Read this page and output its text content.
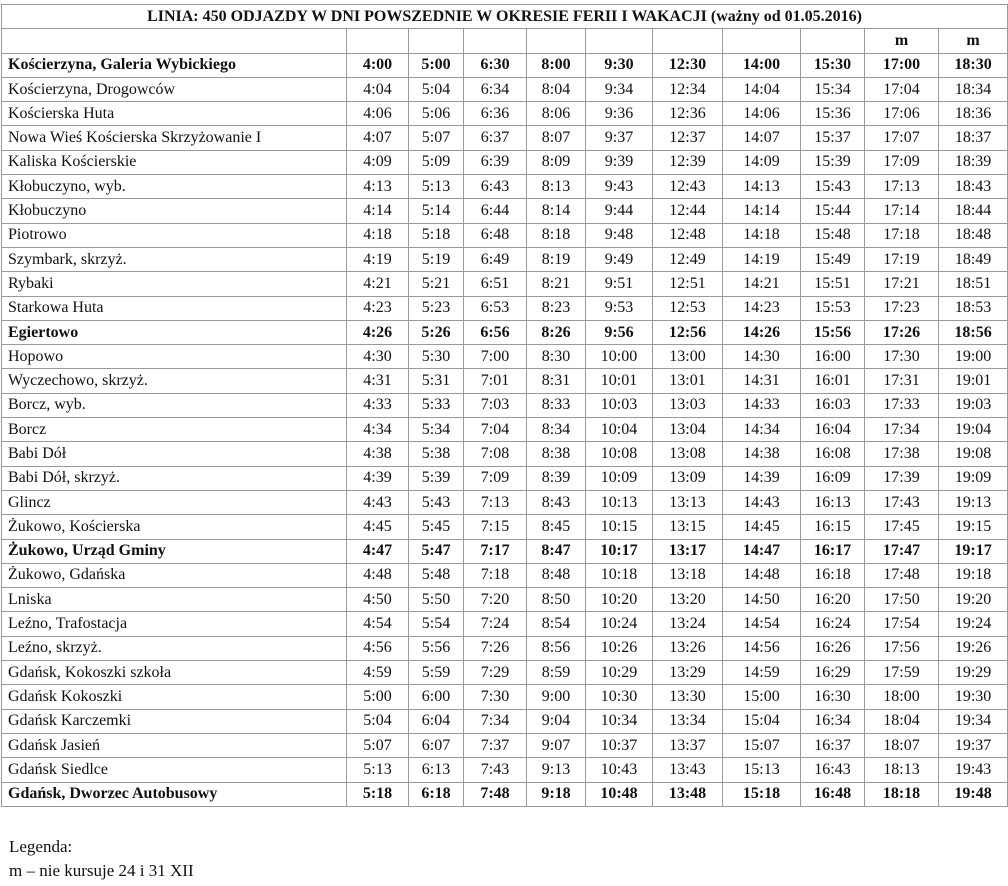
LINIA: 450 ODJAZDY W DNI POWSZEDNIE W OKRESIE FERII I WAKACJI (ważny od 01.05.2016)										
									m	m
Kościerzyna, Galeria Wybickiego	4:00	5:00	6:30	8:00	9:30	12:30	14:00	15:30	17:00	18:30
Kościerzyna, Drogowców	4:04	5:04	6:34	8:04	9:34	12:34	14:04	15:34	17:04	18:34
Kościerska Huta	4:06	5:06	6:36	8:06	9:36	12:36	14:06	15:36	17:06	18:36
Nowa Wieś Kościerska Skrzyżowanie I	4:07	5:07	6:37	8:07	9:37	12:37	14:07	15:37	17:07	18:37
Kaliska Kościerskie	4:09	5:09	6:39	8:09	9:39	12:39	14:09	15:39	17:09	18:39
Kłobuczyno, wyb.	4:13	5:13	6:43	8:13	9:43	12:43	14:13	15:43	17:13	18:43
Kłobuczyno	4:14	5:14	6:44	8:14	9:44	12:44	14:14	15:44	17:14	18:44
Piotrowo	4:18	5:18	6:48	8:18	9:48	12:48	14:18	15:48	17:18	18:48
Szymbark, skrzyż.	4:19	5:19	6:49	8:19	9:49	12:49	14:19	15:49	17:19	18:49
Rybaki	4:21	5:21	6:51	8:21	9:51	12:51	14:21	15:51	17:21	18:51
Starkowa Huta	4:23	5:23	6:53	8:23	9:53	12:53	14:23	15:53	17:23	18:53
Egiertowo	4:26	5:26	6:56	8:26	9:56	12:56	14:26	15:56	17:26	18:56
Hopowo	4:30	5:30	7:00	8:30	10:00	13:00	14:30	16:00	17:30	19:00
Wyczechowo, skrzyż.	4:31	5:31	7:01	8:31	10:01	13:01	14:31	16:01	17:31	19:01
Borcz, wyb.	4:33	5:33	7:03	8:33	10:03	13:03	14:33	16:03	17:33	19:03
Borcz	4:34	5:34	7:04	8:34	10:04	13:04	14:34	16:04	17:34	19:04
Babi Dół	4:38	5:38	7:08	8:38	10:08	13:08	14:38	16:08	17:38	19:08
Babi Dół, skrzyż.	4:39	5:39	7:09	8:39	10:09	13:09	14:39	16:09	17:39	19:09
Glincz	4:43	5:43	7:13	8:43	10:13	13:13	14:43	16:13	17:43	19:13
Żukowo, Kościerska	4:45	5:45	7:15	8:45	10:15	13:15	14:45	16:15	17:45	19:15
Żukowo, Urząd Gminy	4:47	5:47	7:17	8:47	10:17	13:17	14:47	16:17	17:47	19:17
Żukowo, Gdańska	4:48	5:48	7:18	8:48	10:18	13:18	14:48	16:18	17:48	19:18
Lniska	4:50	5:50	7:20	8:50	10:20	13:20	14:50	16:20	17:50	19:20
Leźno, Trafostacja	4:54	5:54	7:24	8:54	10:24	13:24	14:54	16:24	17:54	19:24
Leźno, skrzyż.	4:56	5:56	7:26	8:56	10:26	13:26	14:56	16:26	17:56	19:26
Gdańsk, Kokoszki szkoła	4:59	5:59	7:29	8:59	10:29	13:29	14:59	16:29	17:59	19:29
Gdańsk Kokoszki	5:00	6:00	7:30	9:00	10:30	13:30	15:00	16:30	18:00	19:30
Gdańsk Karczemki	5:04	6:04	7:34	9:04	10:34	13:34	15:04	16:34	18:04	19:34
Gdańsk Jasień	5:07	6:07	7:37	9:07	10:37	13:37	15:07	16:37	18:07	19:37
Gdańsk Siedlce	5:13	6:13	7:43	9:13	10:43	13:43	15:13	16:43	18:13	19:43
Gdańsk, Dworzec Autobusowy	5:18	6:18	7:48	9:18	10:48	13:48	15:18	16:48	18:18	19:48
Legenda:
m – nie kursuje 24 i 31 XII
